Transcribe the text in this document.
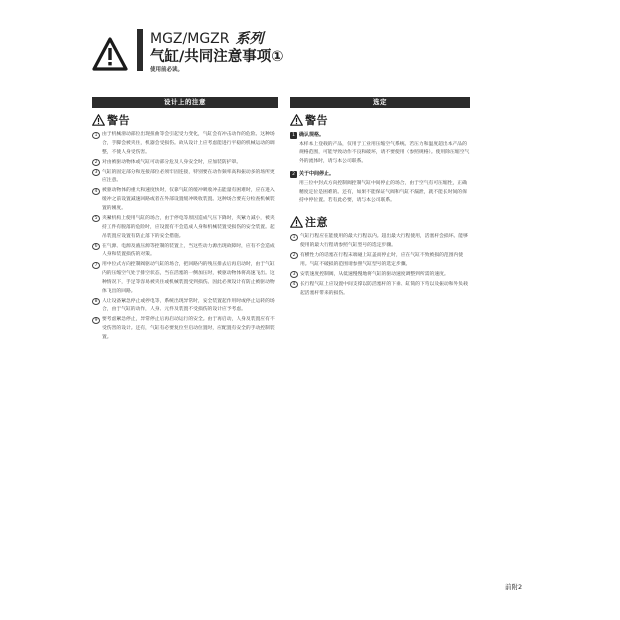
MGZ/MGZR 系列
气缸/共同注意事项①
使用前必读。
设计上的注意
警告
1 由于机械滑动部位出现扭曲等会引起受力变化，气缸会有冲击动作的危险。这种场合，手脚会被夹住，机器会受损伤。故从设计上应考虑能进行平稳的机械运动的调整，不使人身受伤害。
2 对由被驱动物体或气缸可动部分危及人身安全时，应加装防护罩。
3 气缸的固定部分和连接部位必须牢固连接，特别要在动作频率高和振动多的场所更应注意。
4 被驱动物体的重大和速度快时，仅靠气缸的缓冲吸收冲击能量有困难时，应在进入缓冲之前设置减速回路或者在外部设置缓冲吸收装置。这种场合要充分检查机械装置的刚度。
5 夹紧机构上使用气缸的场合，由于停电等原因造成气压下降时，夹紧力减小，被夹持工件有脱落的危险时，应设置有不会造成人身和机械装置受损伤的安全装置。起吊装置应设置有防止落下的安全措施。
6 在气源、电源及液压源等控制的装置上，当这些动力源出现故障时，应有不会造成人身和装置损伤的对策。
7 用中位式方向控制阀驱动气缸的场合，把回路内的残压排去后再启动时，由于气缸内的压缩空气处于排空状态，当在活塞的一侧加压时，被驱动物体将高速飞出。这种情况下，手足等容易被夹住或机械装置受到损伤。因此必须设计有防止被驱动物体飞出的回路。
8 人让设备紧急停止或停电等，系统出现异常时，安全装置起作用时或停止运转的场合，由于气缸的动作，人身、元件及装置不受损伤的设计应予考虑。
9 要考虑紧急停止，异常停止后再启动运行的安全。由于再启动，人身及装置应有不受伤害的设计。还有，气缸有必要复位至启动位置时，应配置有安全的手动控制装置。
选定
警告
1 确认规格。
本样本上登载的产品，仅用于工业用压缩空气系统。若压力和温度超出本产品的规格范围，可能导致动作不良和破坏，请不要使用（参照规格）。使用除压缩空气外的流体时，请与本公司联系。
2 关于中间停止。
用三位中封式方向控制阀控制气缸中间停止的场合，由于空气有可压缩性，正确精度定位是困难的。还有，如果不能保证气阀和气缸不漏泄，就不能长时间的保持中停位置。若有此必要，请与本公司联系。
注意
1 气缸行程应在能使用的最大行程以内。超出最大行程使用，活塞杆会损坏。能够使用的最大行程请参照气缸型号的选定步骤。
2 有横性力的话塞在行程末端碰上缸盖而停止时，应在气缸不致被损的范围内使用。气缸不破损的范围请参照气缸型号的选定步骤。
3 安装速度控制阀，从低速慢慢地将气缸的驱动速度调整到所需的速度。
4 长行程气缸上应设置中间支撑以防活塞杆的下垂、缸筒的下弯以及振动和外负载起活塞杆带来的损伤。
前附2
